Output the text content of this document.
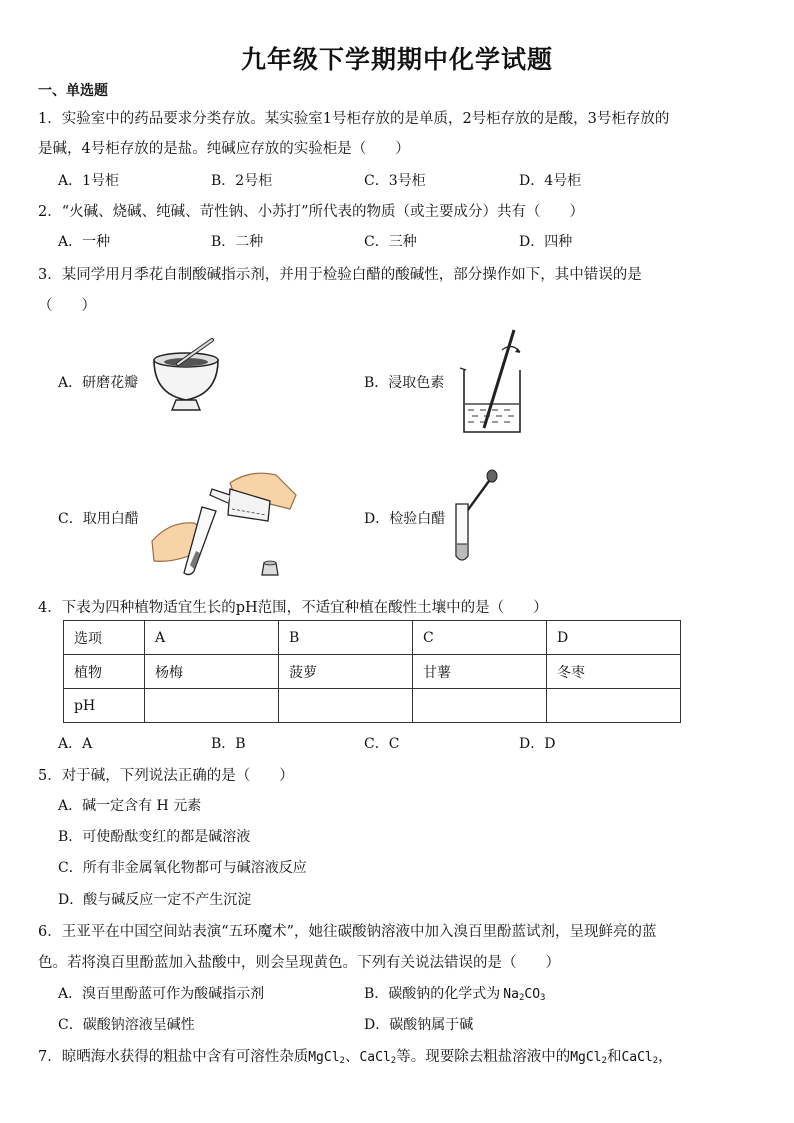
九年级下学期期中化学试题
一、单选题
1．实验室中的药品要求分类存放。某实验室1号柜存放的是单质，2号柜存放的是酸，3号柜存放的
是碱，4号柜存放的是盐。纯碱应存放的实验柜是（　　）
A．1号柜	B．2号柜	C．3号柜	D．4号柜
2．“火碱、烧碱、纯碱、苛性钠、小苏打”所代表的物质（或主要成分）共有（　　）
A．一种	B．二种	C．三种	D．四种
3．某同学用月季花自制酸碱指示剂，并用于检验白醋的酸碱性，部分操作如下，其中错误的是
（　　）
A．研磨花瓣	B．浸取色素
C．取用白醋	D．检验白醋
4．下表为四种植物适宜生长的pH范围，不适宜种植在酸性土壤中的是（　　）
选项	A	B	C	D
植物	杨梅	菠萝	甘薯	冬枣
pH				
A．A	B．B	C．C	D．D
5．对于碱，下列说法正确的是（　　）
A．碱一定含有 H 元素
B．可使酚酞变红的都是碱溶液
C．所有非金属氧化物都可与碱溶液反应
D．酸与碱反应一定不产生沉淀
6．王亚平在中国空间站表演“五环魔术”，她往碳酸钠溶液中加入溴百里酚蓝试剂，呈现鲜亮的蓝
色。若将溴百里酚蓝加入盐酸中，则会呈现黄色。下列有关说法错误的是（　　）
A．溴百里酚蓝可作为酸碱指示剂	B．碳酸钠的化学式为 $Na_2CO_3$
C．碳酸钠溶液呈碱性	D．碳酸钠属于碱
7．晾晒海水获得的粗盐中含有可溶性杂质MgCl$_2$、CaCl$_2$等。现要除去粗盐溶液中的MgCl$_2$和CaCl$_2$，
